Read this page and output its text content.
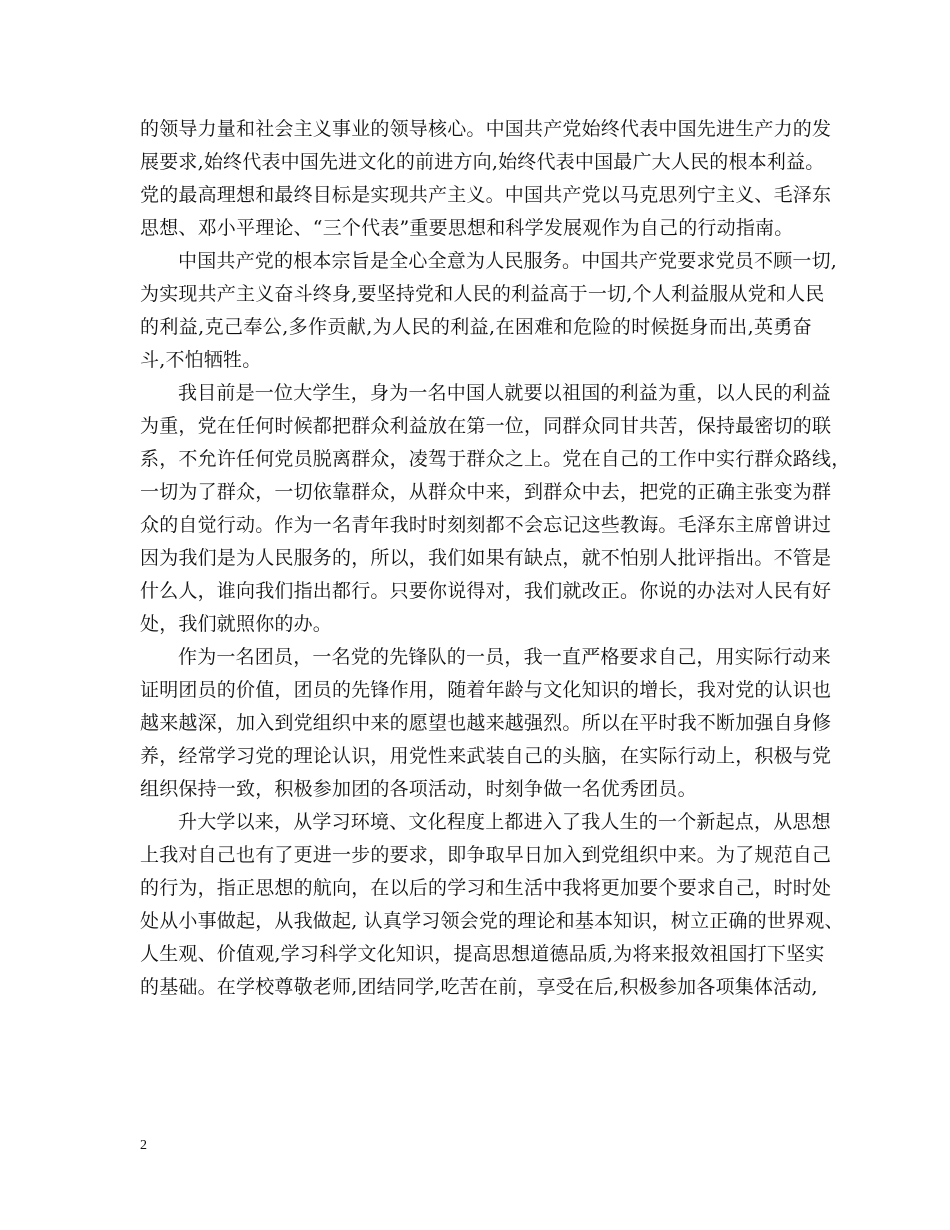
的领导力量和社会主义事业的领导核心。中国共产党始终代表中国先进生产力的发
展要求,始终代表中国先进文化的前进方向,始终代表中国最广大人民的根本利益。
党的最高理想和最终目标是实现共产主义。中国共产党以马克思列宁主义、毛泽东
思想、邓小平理论、“三个代表”重要思想和科学发展观作为自己的行动指南。
中国共产党的根本宗旨是全心全意为人民服务。中国共产党要求党员不顾一切,
为实现共产主义奋斗终身,要坚持党和人民的利益高于一切,个人利益服从党和人民
的利益,克己奉公,多作贡献,为人民的利益,在困难和危险的时候挺身而出,英勇奋
斗,不怕牺牲。
我目前是一位大学生，身为一名中国人就要以祖国的利益为重，以人民的利益
为重，党在任何时候都把群众利益放在第一位，同群众同甘共苦，保持最密切的联
系，不允许任何党员脱离群众，凌驾于群众之上。党在自己的工作中实行群众路线，
一切为了群众，一切依靠群众，从群众中来，到群众中去，把党的正确主张变为群
众的自觉行动。作为一名青年我时时刻刻都不会忘记这些教诲。毛泽东主席曾讲过
因为我们是为人民服务的，所以，我们如果有缺点，就不怕别人批评指出。不管是
什么人，谁向我们指出都行。只要你说得对，我们就改正。你说的办法对人民有好
处，我们就照你的办。
作为一名团员，一名党的先锋队的一员，我一直严格要求自己，用实际行动来
证明团员的价值，团员的先锋作用，随着年龄与文化知识的增长，我对党的认识也
越来越深，加入到党组织中来的愿望也越来越强烈。所以在平时我不断加强自身修
养，经常学习党的理论认识，用党性来武装自己的头脑，在实际行动上，积极与党
组织保持一致，积极参加团的各项活动，时刻争做一名优秀团员。
升大学以来，从学习环境、文化程度上都进入了我人生的一个新起点，从思想
上我对自己也有了更进一步的要求，即争取早日加入到党组织中来。为了规范自己
的行为，指正思想的航向，在以后的学习和生活中我将更加要个要求自己，时时处
处从小事做起，从我做起, 认真学习领会党的理论和基本知识，树立正确的世界观、
人生观、价值观,学习科学文化知识，提高思想道德品质,为将来报效祖国打下坚实
的基础。在学校尊敬老师,团结同学,吃苦在前，享受在后,积极参加各项集体活动,
2
